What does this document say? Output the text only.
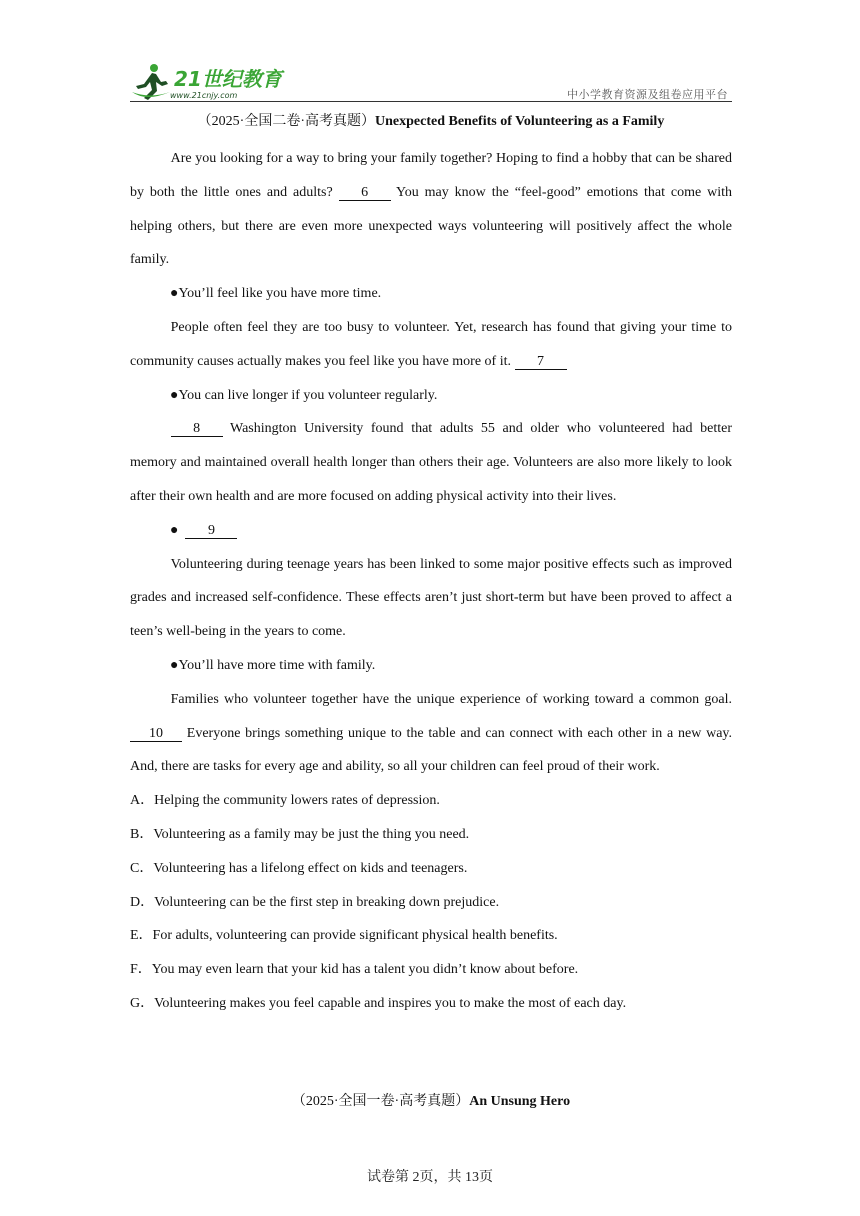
21世纪教育
www.21cnjy.com	中小学教育资源及组卷应用平台
（2025·全国二卷·高考真题）Unexpected Benefits of Volunteering as a Family

Are you looking for a way to bring your family together? Hoping to find a hobby that can be shared by both the little ones and adults? 6 You may know the “feel-good” emotions that come with helping others, but there are even more unexpected ways volunteering will positively affect the whole family.

●You’ll feel like you have more time.

People often feel they are too busy to volunteer. Yet, research has found that giving your time to community causes actually makes you feel like you have more of it. 7

●You can live longer if you volunteer regularly.

8 Washington University found that adults 55 and older who volunteered had better memory and maintained overall health longer than others their age. Volunteers are also more likely to look after their own health and are more focused on adding physical activity into their lives.

● 9

Volunteering during teenage years has been linked to some major positive effects such as improved grades and increased self-confidence. These effects aren’t just short-term but have been proved to affect a teen’s well-being in the years to come.

●You’ll have more time with family.

Families who volunteer together have the unique experience of working toward a common goal. 10 Everyone brings something unique to the table and can connect with each other in a new way. And, there are tasks for every age and ability, so all your children can feel proud of their work.

A．Helping the community lowers rates of depression.

B．Volunteering as a family may be just the thing you need.

C．Volunteering has a lifelong effect on kids and teenagers.

D．Volunteering can be the first step in breaking down prejudice.

E．For adults, volunteering can provide significant physical health benefits.

F．You may even learn that your kid has a talent you didn’t know about before.

G．Volunteering makes you feel capable and inspires you to make the most of each day.

（2025·全国一卷·高考真题）An Unsung Hero
试卷第 2页，共 13页
